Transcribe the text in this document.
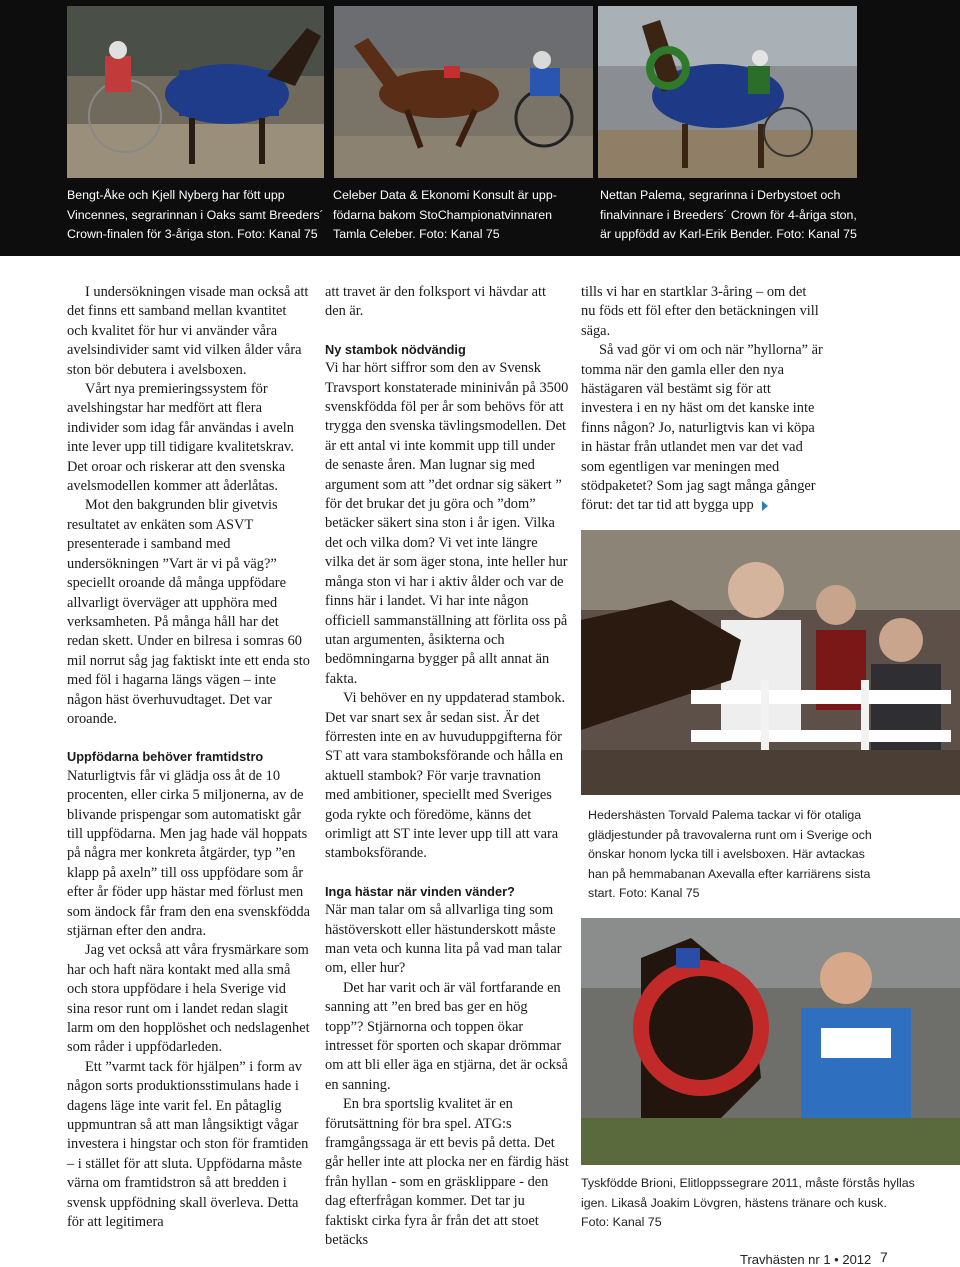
Bengt-Åke och Kjell Nyberg har fött upp
Vincennes, segrarinnan i Oaks samt Breeders´
Crown-finalen för 3-åriga ston. Foto: Kanal 75
Celeber Data & Ekonomi Konsult är upp-
födarna bakom StoChampionatvinnaren
Tamla Celeber. Foto: Kanal 75
Nettan Palema, segrarinna i Derbystoet och
finalvinnare i Breeders´ Crown för 4-åriga ston,
är uppfödd av Karl-Erik Bender. Foto: Kanal 75

I undersökningen visade man också att det finns ett samband mellan kvantitet och kvalitet för hur vi använder våra avelsindivider samt vid vilken ålder våra ston bör debutera i avelsboxen.

Vårt nya premieringssystem för avelshingstar har medfört att flera individer som idag får användas i aveln inte lever upp till tidigare kvalitetskrav. Det oroar och riskerar att den svenska avelsmodellen kommer att åderlåtas.

Mot den bakgrunden blir givetvis resultatet av enkäten som ASVT presenterade i samband med undersökningen ”Vart är vi på väg?” speciellt oroande då många uppfödare allvarligt överväger att upphöra med verksamheten. På många håll har det redan skett. Under en bilresa i somras 60 mil norrut såg jag faktiskt inte ett enda sto med föl i hagarna längs vägen – inte någon häst överhuvudtaget. Det var oroande.

Uppfödarna behöver framtidstro

Naturligtvis får vi glädja oss åt de 10 procenten, eller cirka 5 miljonerna, av de blivande prispengar som automatiskt går till uppfödarna. Men jag hade väl hoppats på några mer konkreta åtgärder, typ ”en klapp på axeln” till oss uppfödare som år efter år föder upp hästar med förlust men som ändock får fram den ena svenskfödda stjärnan efter den andra.

Jag vet också att våra frysmärkare som har och haft nära kontakt med alla små och stora uppfödare i hela Sverige vid sina resor runt om i landet redan slagit larm om den hopplöshet och nedslagenhet som råder i uppfödarleden.

Ett ”varmt tack för hjälpen” i form av någon sorts produktionsstimulans hade i dagens läge inte varit fel. En påtaglig uppmuntran så att man långsiktigt vågar investera i hingstar och ston för framtiden – i stället för att sluta. Uppfödarna måste värna om framtidstron så att bredden i svensk uppfödning skall överleva. Detta för att legitimera

att travet är den folksport vi hävdar att den är.

Ny stambok nödvändig

Vi har hört siffror som den av Svensk Travsport konstaterade mininivån på 3500 svenskfödda föl per år som behövs för att trygga den svenska tävlingsmodellen. Det är ett antal vi inte kommit upp till under de senaste åren. Man lugnar sig med argument som att ”det ordnar sig säkert ” för det brukar det ju göra och ”dom” betäcker säkert sina ston i år igen. Vilka det och vilka dom? Vi vet inte längre vilka det är som äger stona, inte heller hur många ston vi har i aktiv ålder och var de finns här i landet. Vi har inte någon officiell sammanställning att förlita oss på utan argumenten, åsikterna och bedömningarna bygger på allt annat än fakta.

Vi behöver en ny uppdaterad stambok. Det var snart sex år sedan sist. Är det förresten inte en av huvuduppgifterna för ST att vara stamboksförande och hålla en aktuell stambok? För varje travnation med ambitioner, speciellt med Sveriges goda rykte och föredöme, känns det orimligt att ST inte lever upp till att vara stamboksförande.

Inga hästar när vinden vänder?

När man talar om så allvarliga ting som hästöverskott eller hästunderskott måste man veta och kunna lita på vad man talar om, eller hur?

Det har varit och är väl fortfarande en sanning att ”en bred bas ger en hög topp”? Stjärnorna och toppen ökar intresset för sporten och skapar drömmar om att bli eller äga en stjärna, det är också en sanning.

En bra sportslig kvalitet är en förutsättning för bra spel. ATG:s framgångssaga är ett bevis på detta. Det går heller inte att plocka ner en färdig häst från hyllan - som en gräsklippare - den dag efterfrågan kommer. Det tar ju faktiskt cirka fyra år från det att stoet betäcks

tills vi har en startklar 3-åring – om det nu föds ett föl efter den betäckningen vill säga.

Så vad gör vi om och när ”hyllorna” är tomma när den gamla eller den nya hästägaren väl bestämt sig för att investera i en ny häst om det kanske inte finns någon? Jo, naturligtvis kan vi köpa in hästar från utlandet men var det vad som egentligen var meningen med stödpaketet? Som jag sagt många gånger förut: det tar tid att bygga upp

Hedershästen Torvald Palema tackar vi för otaliga
glädjestunder på travovalerna runt om i Sverige och
önskar honom lycka till i avelsboxen. Här avtackas
han på hemmabanan Axevalla efter karriärens sista
start. Foto: Kanal 75
Tyskfödde Brioni, Elitloppssegrare 2011, måste förstås hyllas
igen. Likaså Joakim Lövgren, hästens tränare och kusk.
Foto: Kanal 75
Travhästen nr 1 • 2012 7
